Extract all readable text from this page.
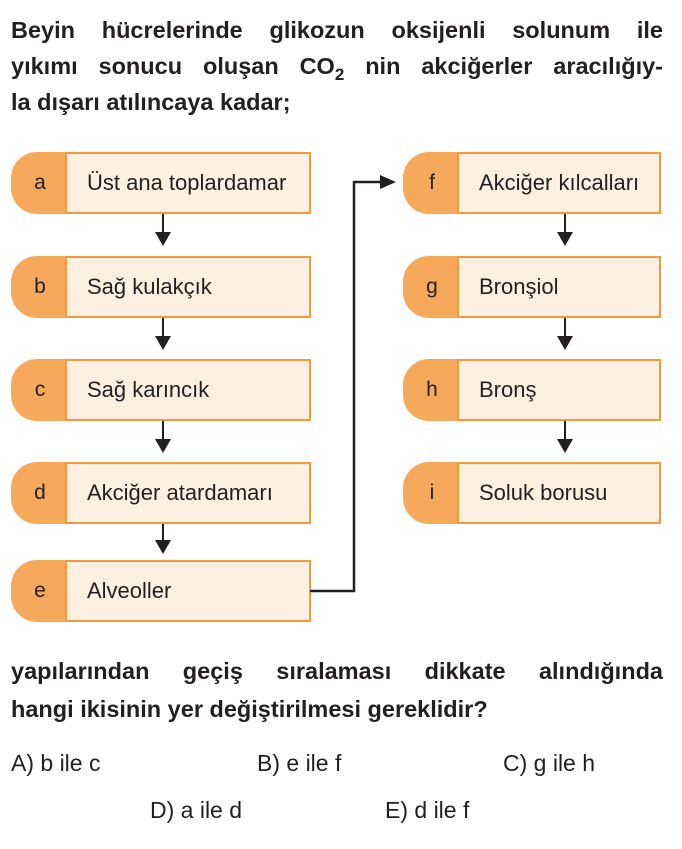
Beyin hücrelerinde glikozun oksijenli solunum ile
yıkımı sonucu oluşan $CO_2$ nin akciğerler aracılığıy-
la dışarı atılıncaya kadar;
a	Üst ana toplardamar
b	Sağ kulakçık
c	Sağ karıncık
d	Akciğer atardamarı
e	Alveoller
f	Akciğer kılcalları
g	Bronşiol
h	Bronş
i	Soluk borusu
yapılarından geçiş sıralaması dikkate alındığında
hangi ikisinin yer değiştirilmesi gereklidir?
A) b ile c	B) e ile f	C) g ile h
D) a ile d	E) d ile f
